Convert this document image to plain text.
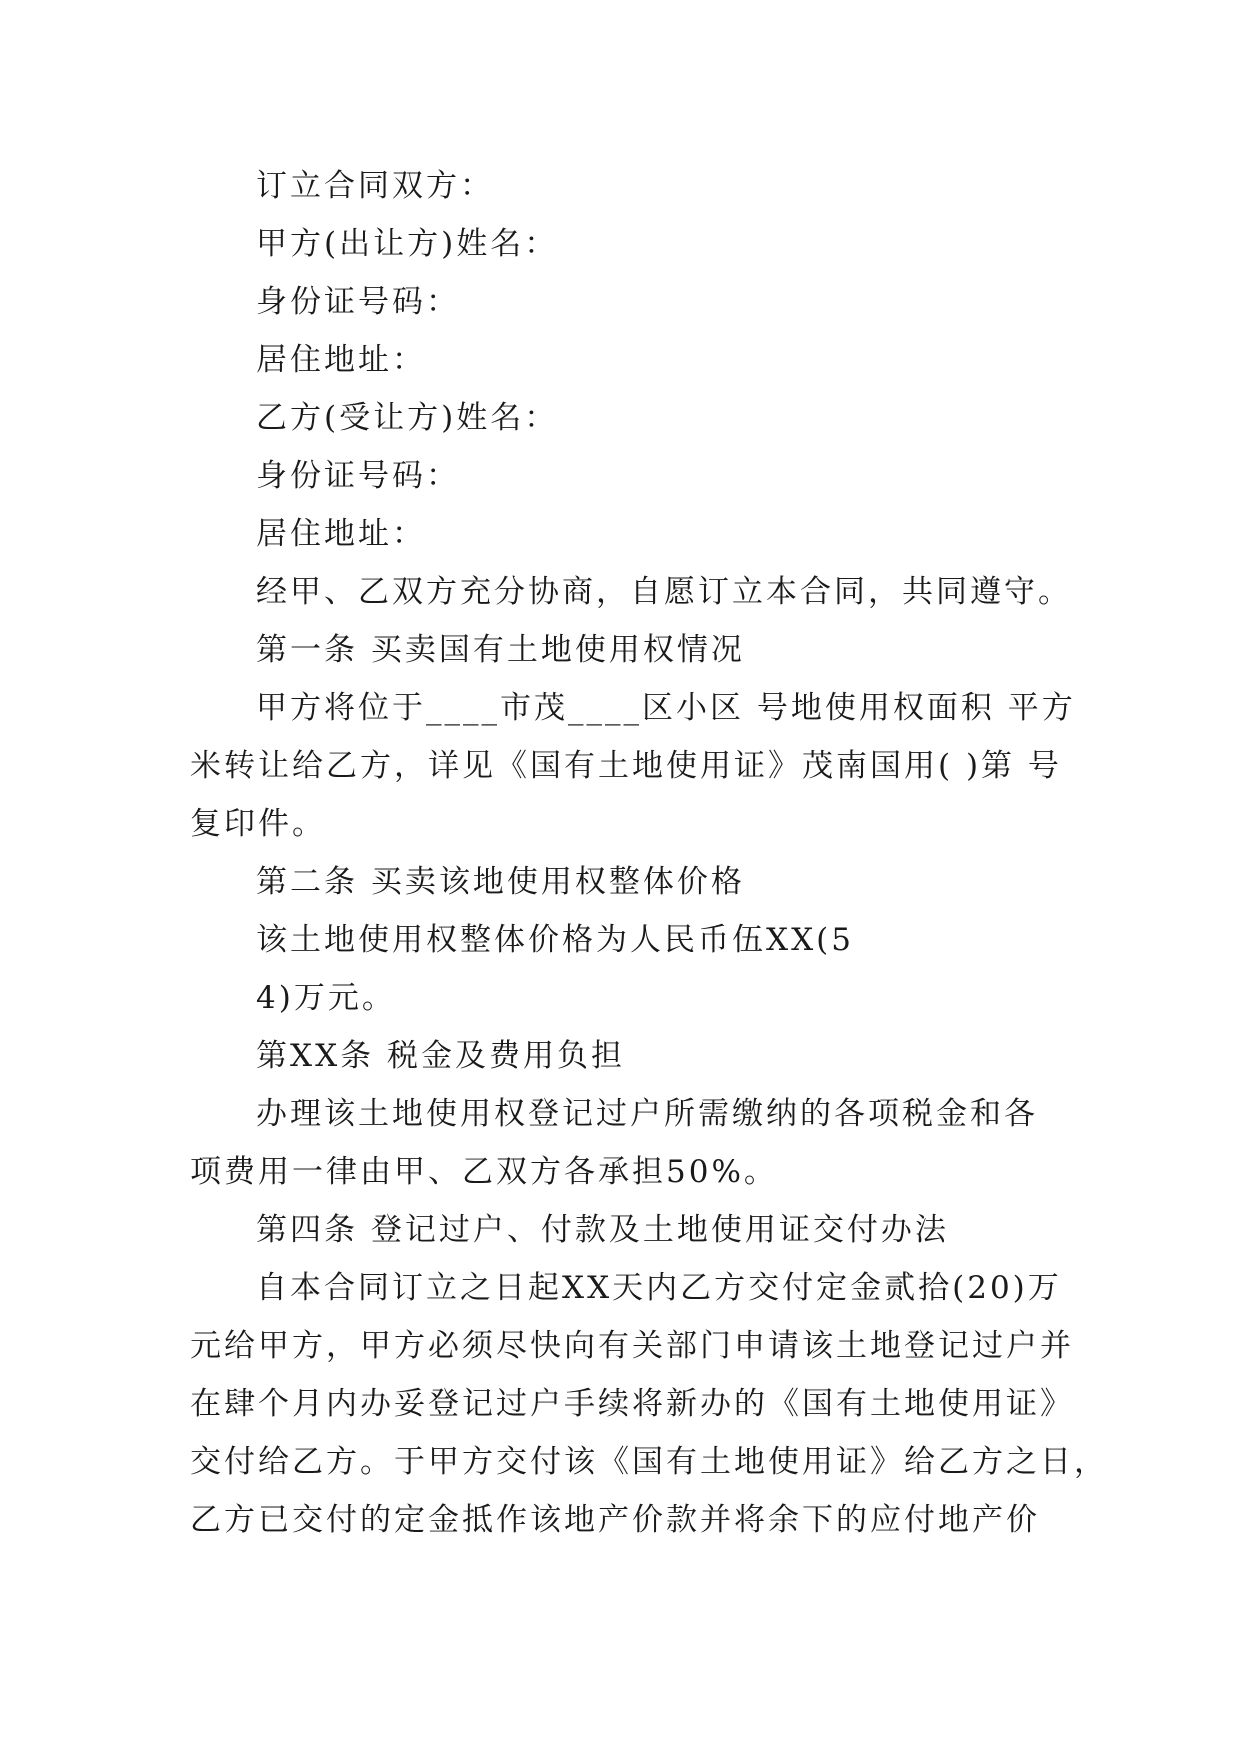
订立合同双方：
甲方(出让方)姓名：
身份证号码：
居住地址：
乙方(受让方)姓名：
身份证号码：
居住地址：
经甲、乙双方充分协商，自愿订立本合同，共同遵守。
第一条 买卖国有土地使用权情况
甲方将位于____市茂____区小区 号地使用权面积 平方
米转让给乙方，详见《国有土地使用证》茂南国用( )第 号
复印件。
第二条 买卖该地使用权整体价格
该土地使用权整体价格为人民币伍XX(5
4)万元。
第XX条 税金及费用负担
办理该土地使用权登记过户所需缴纳的各项税金和各
项费用一律由甲、乙双方各承担50%。
第四条 登记过户、付款及土地使用证交付办法
自本合同订立之日起XX天内乙方交付定金贰拾(20)万
元给甲方，甲方必须尽快向有关部门申请该土地登记过户并
在肆个月内办妥登记过户手续将新办的《国有土地使用证》
交付给乙方。于甲方交付该《国有土地使用证》给乙方之日，
乙方已交付的定金抵作该地产价款并将余下的应付地产价
